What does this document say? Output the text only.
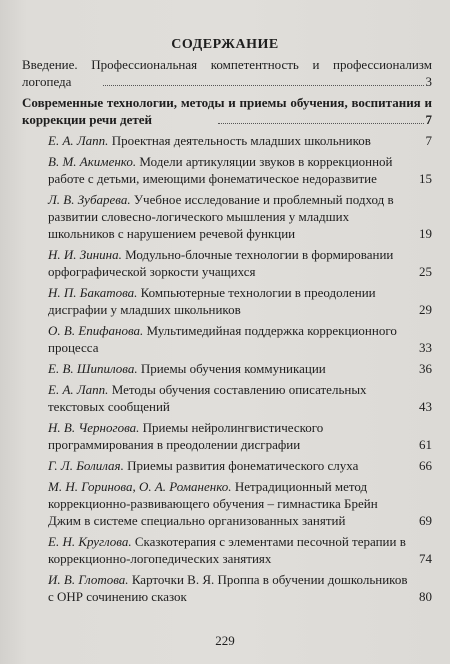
СОДЕРЖАНИЕ
Введение. Профессиональная компетентность и профессионализм логопеда	3
Современные технологии, методы и приемы обучения, воспитания и коррекции речи детей	7
Е. А. Лапп. Проектная деятельность младших школьников	7
В. М. Акименко. Модели артикуляции звуков в коррекционной работе с детьми, имеющими фонематическое недоразвитие	15
Л. В. Зубарева. Учебное исследование и проблемный подход в развитии словесно-логического мышления у младших школьников с нарушением речевой функции	19
Н. И. Зинина. Модульно-блочные технологии в формировании орфографической зоркости учащихся	25
Н. П. Бакатова. Компьютерные технологии в преодолении дисграфии у младших школьников	29
О. В. Епифанова. Мультимедийная поддержка коррекционного процесса	33
Е. В. Шипилова. Приемы обучения коммуникации	36
Е. А. Лапп. Методы обучения составлению описательных текстовых сообщений	43
Н. В. Черногова. Приемы нейролингвистического программирования в преодолении дисграфии	61
Г. Л. Болилая. Приемы развития фонематического слуха	66
М. Н. Горинова, О. А. Романенко. Нетрадиционный метод коррекционно-развивающего обучения – гимнастика Брейн Джим в системе специально организованных занятий	69
Е. Н. Круглова. Сказкотерапия с элементами песочной терапии в коррекционно-логопедических занятиях	74
И. В. Глотова. Карточки В. Я. Проппа в обучении дошкольников с ОНР сочинению сказок	80
229
